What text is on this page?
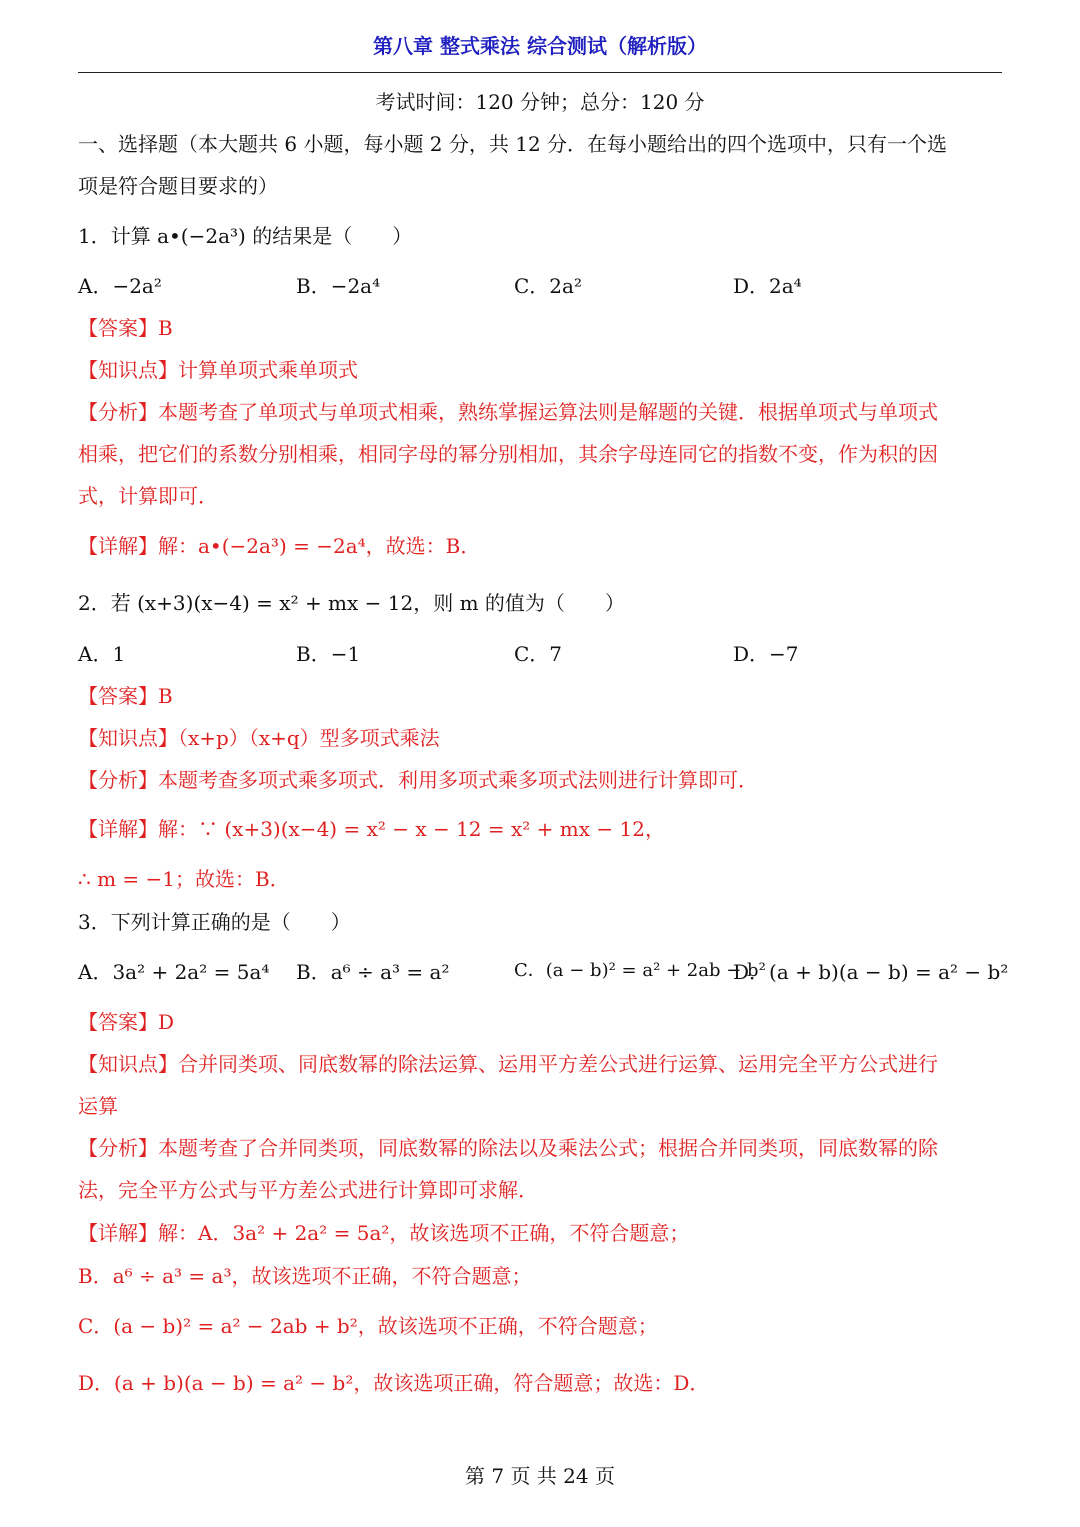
第八章 整式乘法 综合测试（解析版）
考试时间：120 分钟；总分：120 分
一、选择题（本大题共 6 小题，每小题 2 分，共 12 分．在每小题给出的四个选项中，只有一个选
项是符合题目要求的）
1．计算 a•(−2a³) 的结果是（　　）
A．−2a²	B．−2a⁴	C．2a²	D．2a⁴
【答案】B
【知识点】计算单项式乘单项式
【分析】本题考查了单项式与单项式相乘，熟练掌握运算法则是解题的关键．根据单项式与单项式
相乘，把它们的系数分别相乘，相同字母的幂分别相加，其余字母连同它的指数不变，作为积的因
式，计算即可．
【详解】解：a•(−2a³) = −2a⁴，故选：B．
2．若 (x+3)(x−4) = x² + mx − 12，则 m 的值为（　　）
A．1	B．−1	C．7	D．−7
【答案】B
【知识点】（x+p）（x+q）型多项式乘法
【分析】本题考查多项式乘多项式．利用多项式乘多项式法则进行计算即可．
【详解】解：∵ (x+3)(x−4) = x² − x − 12 = x² + mx − 12，
∴ m = −1；故选：B．
3．下列计算正确的是（　　）
A．3a² + 2a² = 5a⁴ B．a⁶ ÷ a³ = a²	C．(a − b)² = a² + 2ab − b²
D．(a + b)(a − b) = a² − b²
【答案】D
【知识点】合并同类项、同底数幂的除法运算、运用平方差公式进行运算、运用完全平方公式进行
运算
【分析】本题考查了合并同类项，同底数幂的除法以及乘法公式；根据合并同类项，同底数幂的除
法，完全平方公式与平方差公式进行计算即可求解．
【详解】解：A．3a² + 2a² = 5a²，故该选项不正确，不符合题意；
B．a⁶ ÷ a³ = a³，故该选项不正确，不符合题意；
C．(a − b)² = a² − 2ab + b²，故该选项不正确，不符合题意；
D．(a + b)(a − b) = a² − b²，故该选项正确，符合题意；故选：D．
第 7 页 共 24 页
